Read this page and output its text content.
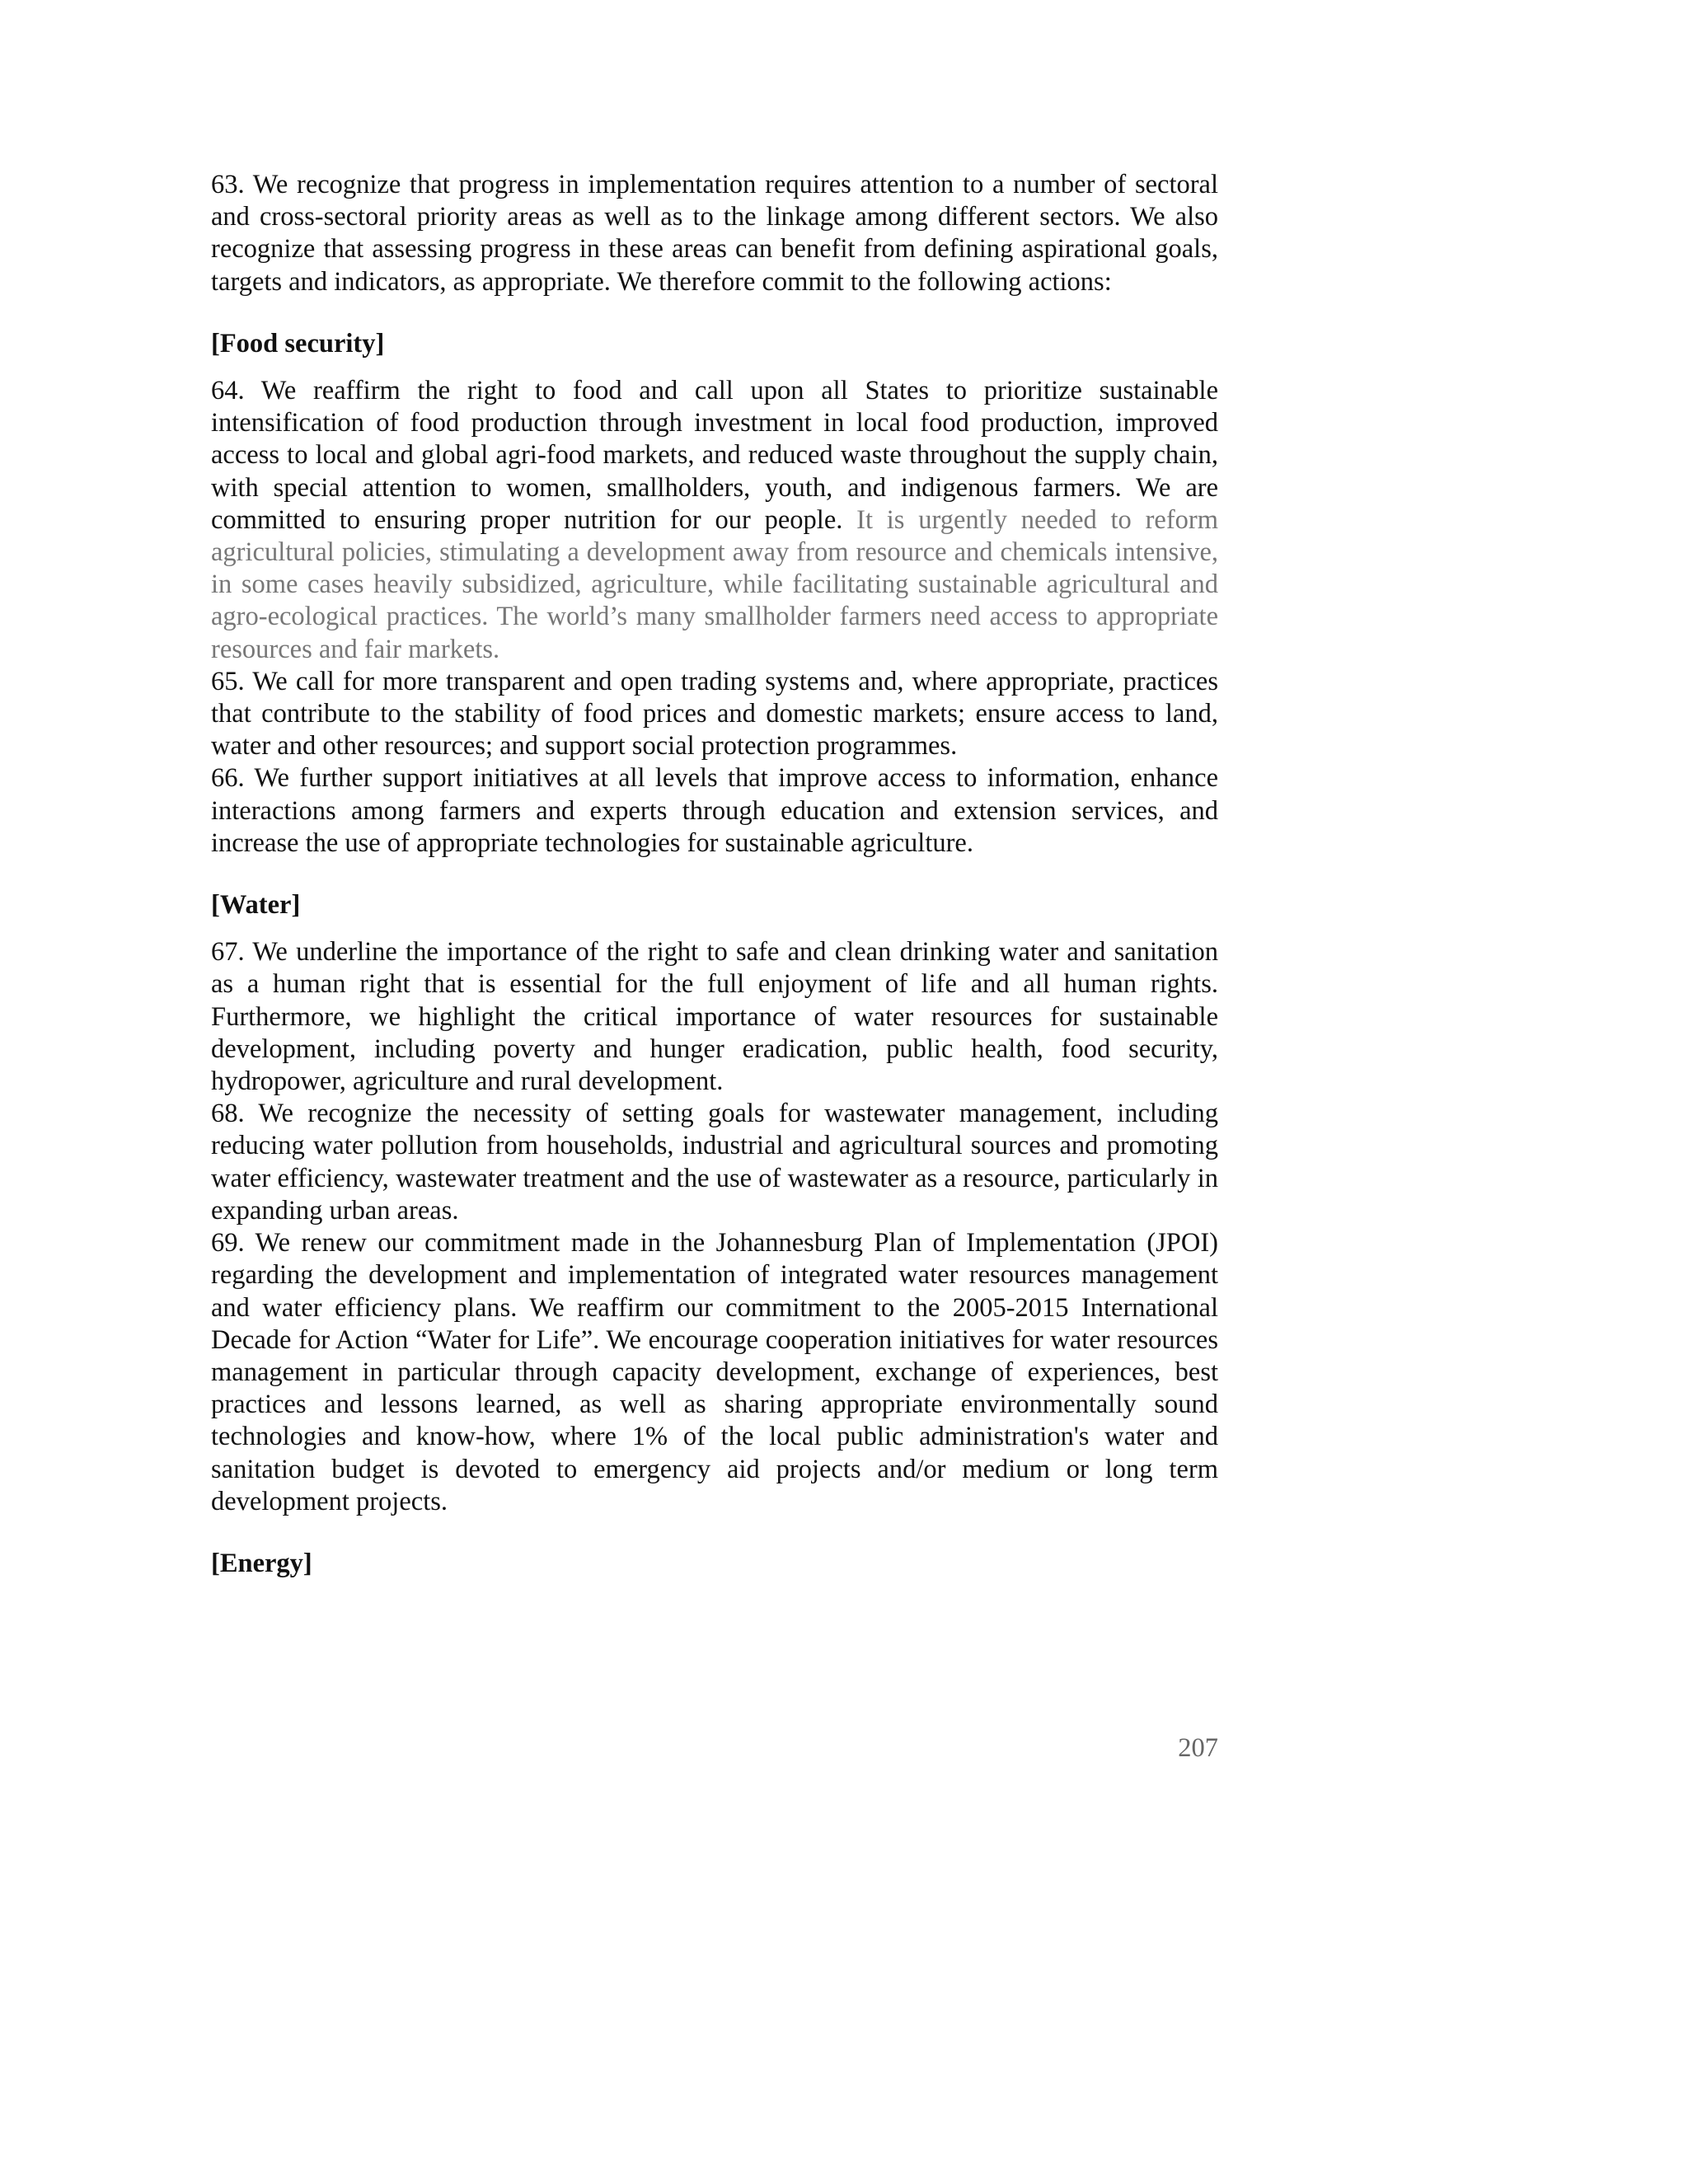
63. We recognize that progress in implementation requires attention to a number of sectoral and cross-sectoral priority areas as well as to the linkage among different sectors. We also recognize that assessing progress in these areas can benefit from defining aspirational goals, targets and indicators, as appropriate. We therefore commit to the following actions:

[Food security]

64. We reaffirm the right to food and call upon all States to prioritize sustainable intensification of food production through investment in local food production, improved access to local and global agri-food markets, and reduced waste throughout the supply chain, with special attention to women, smallholders, youth, and indigenous farmers. We are committed to ensuring proper nutrition for our people. It is urgently needed to reform agricultural policies, stimulating a development away from resource and chemicals intensive, in some cases heavily subsidized, agriculture, while facilitating sustainable agricultural and agro-ecological practices. The world’s many smallholder farmers need access to appropriate resources and fair markets.

65. We call for more transparent and open trading systems and, where appropriate, practices that contribute to the stability of food prices and domestic markets; ensure access to land, water and other resources; and support social protection programmes.

66. We further support initiatives at all levels that improve access to information, enhance interactions among farmers and experts through education and extension services, and increase the use of appropriate technologies for sustainable agriculture.

[Water]

67. We underline the importance of the right to safe and clean drinking water and sanitation as a human right that is essential for the full enjoyment of life and all human rights. Furthermore, we highlight the critical importance of water resources for sustainable development, including poverty and hunger eradication, public health, food security, hydropower, agriculture and rural development.

68. We recognize the necessity of setting goals for wastewater management, including reducing water pollution from households, industrial and agricultural sources and promoting water efficiency, wastewater treatment and the use of wastewater as a resource, particularly in expanding urban areas.

69. We renew our commitment made in the Johannesburg Plan of Implementation (JPOI) regarding the development and implementation of integrated water resources management and water efficiency plans. We reaffirm our commitment to the 2005-2015 International Decade for Action “Water for Life”. We encourage cooperation initiatives for water resources management in particular through capacity development, exchange of experiences, best practices and lessons learned, as well as sharing appropriate environmentally sound technologies and know-how, where 1% of the local public administration's water and sanitation budget is devoted to emergency aid projects and/or medium or long term development projects.

[Energy]

207
